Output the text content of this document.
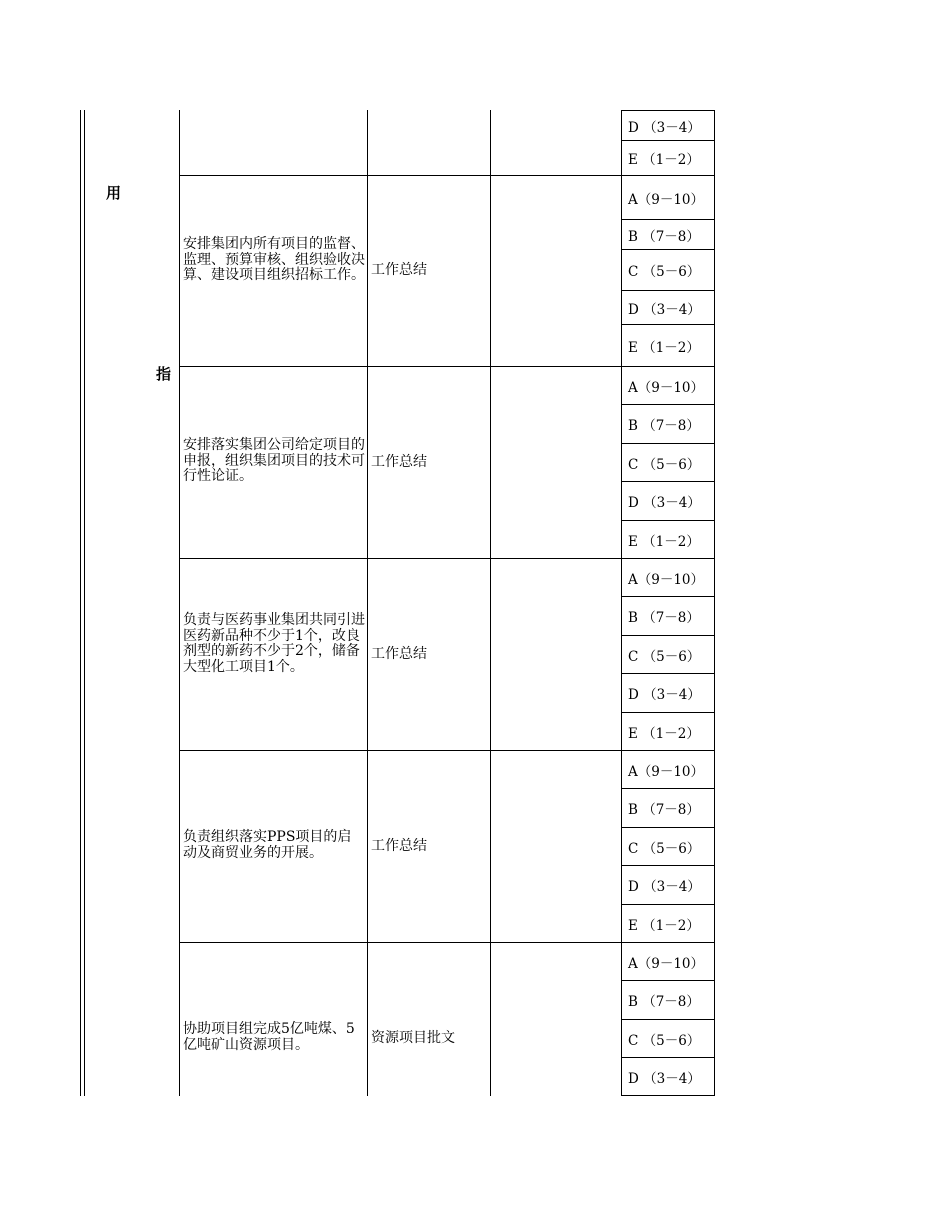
用
指
D （3－4）
E （1－2）
安排集团内所有项目的监督、监理、预算审核、组织验收决算、建设项目组织招标工作。 工作总结
A（9－10）
B （7－8）
C （5－6）
D （3－4）
E （1－2）
安排落实集团公司给定项目的申报，组织集团项目的技术可行性论证。
工作总结
A（9－10）
B （7－8）
C （5－6）
D （3－4）
E （1－2）
负责与医药事业集团共同引进医药新品种不少于1个，改良剂型的新药不少于2个，储备大型化工项目1个。
工作总结
A（9－10）
B （7－8）
C （5－6）
D （3－4）
E （1－2）
负责组织落实PPS项目的启动及商贸业务的开展。	工作总结
A（9－10）
B （7－8）
C （5－6）
D （3－4）
E （1－2）
协助项目组完成5亿吨煤、5亿吨矿山资源项目。	资源项目批文
A（9－10）
B （7－8）
C （5－6）
D （3－4）
